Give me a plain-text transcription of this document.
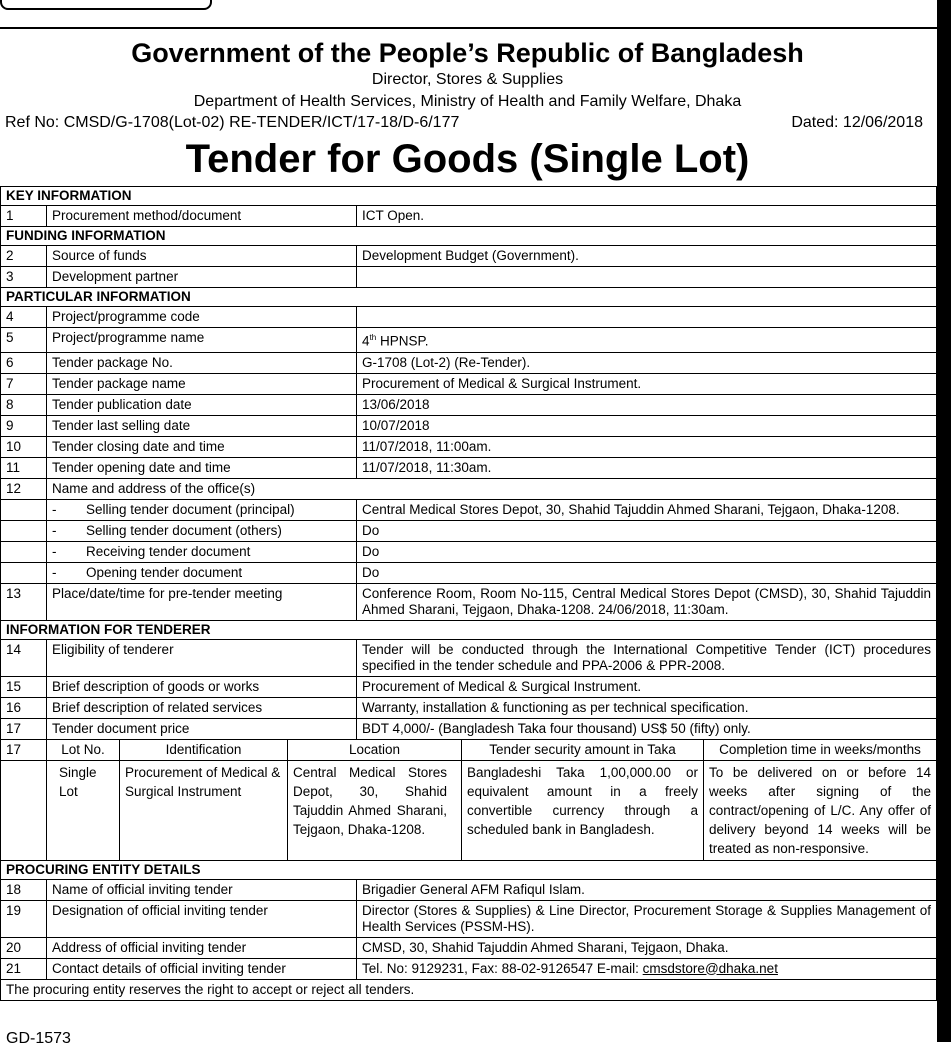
Government of the People’s Republic of Bangladesh
Director, Stores & Supplies
Department of Health Services, Ministry of Health and Family Welfare, Dhaka
Ref No: CMSD/G-1708(Lot-02) RE-TENDER/ICT/17-18/D-6/177	Dated: 12/06/2018
Tender for Goods (Single Lot)
KEY INFORMATION						
1	Procurement method/document			ICT Open.		
FUNDING INFORMATION						
2	Source of funds			Development Budget (Government).		
3	Development partner					
PARTICULAR INFORMATION						
4	Project/programme code					
5	Project/programme name			4th HPNSP.		
6	Tender package No.			G-1708 (Lot-2) (Re-Tender).		
7	Tender package name			Procurement of Medical & Surgical Instrument.		
8	Tender publication date			13/06/2018		
9	Tender last selling date			10/07/2018		
10	Tender closing date and time			11/07/2018, 11:00am.		
11	Tender opening date and time			11/07/2018, 11:30am.		
12	Name and address of the office(s)					
	- Selling tender document (principal)			Central Medical Stores Depot, 30, Shahid Tajuddin Ahmed Sharani, Tejgaon, Dhaka-1208.		
	- Selling tender document (others)			Do		
	- Receiving tender document			Do		
	- Opening tender document			Do		
13	Place/date/time for pre-tender meeting			Conference Room, Room No-115, Central Medical Stores Depot (CMSD), 30, Shahid Tajuddin Ahmed Sharani, Tejgaon, Dhaka-1208. 24/06/2018, 11:30am.		
INFORMATION FOR TENDERER						
14	Eligibility of tenderer			Tender will be conducted through the International Competitive Tender (ICT) procedures specified in the tender schedule and PPA-2006 & PPR-2008.		
15	Brief description of goods or works			Procurement of Medical & Surgical Instrument.		
16	Brief description of related services			Warranty, installation & functioning as per technical specification.		
17	Tender document price			BDT 4,000/- (Bangladesh Taka four thousand) US$ 50 (fifty) only.		
17	Lot No.	Identification	Location		Tender security amount in Taka	Completion time in weeks/months
	Single Lot	Procurement of Medical & Surgical Instrument	Central Medical Stores Depot, 30, Shahid Tajuddin Ahmed Sharani, Tejgaon, Dhaka-1208.		Bangladeshi Taka 1,00,000.00 or equivalent amount in a freely convertible currency through a scheduled bank in Bangladesh.	To be delivered on or before 14 weeks after signing of the contract/opening of L/C. Any offer of delivery beyond 14 weeks will be treated as non-responsive.
PROCURING ENTITY DETAILS						
18	Name of official inviting tender			Brigadier General AFM Rafiqul Islam.		
19	Designation of official inviting tender			Director (Stores & Supplies) & Line Director, Procurement Storage & Supplies Management of Health Services (PSSM-HS).		
20	Address of official inviting tender			CMSD, 30, Shahid Tajuddin Ahmed Sharani, Tejgaon, Dhaka.		
21	Contact details of official inviting tender			Tel. No: 9129231, Fax: 88-02-9126547 E-mail: cmsdstore@dhaka.net		
The procuring entity reserves the right to accept or reject all tenders.						
GD-1573
